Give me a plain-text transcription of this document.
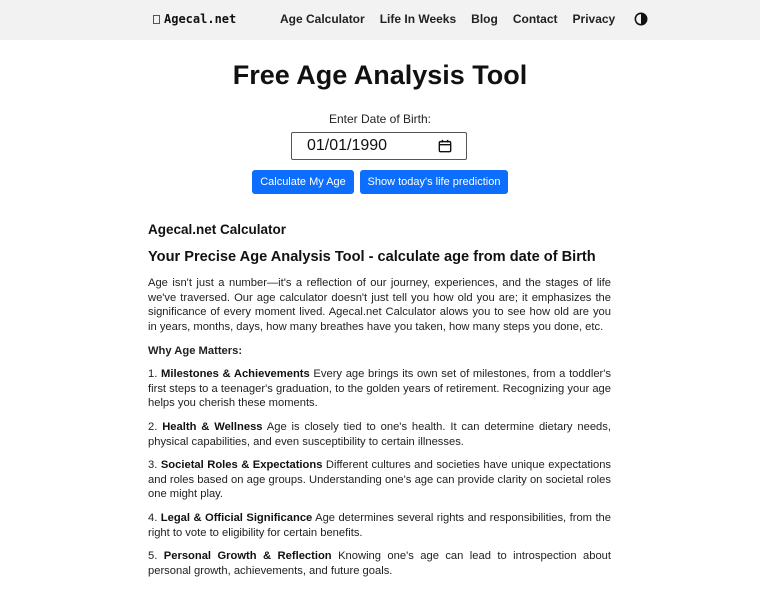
Agecal.net	Age Calculator Life In Weeks Blog Contact Privacy
Free Age Analysis Tool
Enter Date of Birth:
01/01/1990
Calculate My Age	Show today's life prediction
Agecal.net Calculator
Your Precise Age Analysis Tool - calculate age from date of Birth

Age isn't just a number—it's a reflection of our journey, experiences, and the stages of life we've traversed. Our age calculator doesn't just tell you how old you are; it emphasizes the significance of every moment lived. Agecal.net Calculator alows you to see how old are you in years, months, days, how many breathes have you taken, how many steps you done, etc.

Why Age Matters:

1. Milestones & Achievements Every age brings its own set of milestones, from a toddler's first steps to a teenager's graduation, to the golden years of retirement. Recognizing your age helps you cherish these moments.

2. Health & Wellness Age is closely tied to one's health. It can determine dietary needs, physical capabilities, and even susceptibility to certain illnesses.

3. Societal Roles & Expectations Different cultures and societies have unique expectations and roles based on age groups. Understanding one's age can provide clarity on societal roles one might play.

4. Legal & Official Significance Age determines several rights and responsibilities, from the right to vote to eligibility for certain benefits.

5. Personal Growth & Reflection Knowing one's age can lead to introspection about personal growth, achievements, and future goals.
